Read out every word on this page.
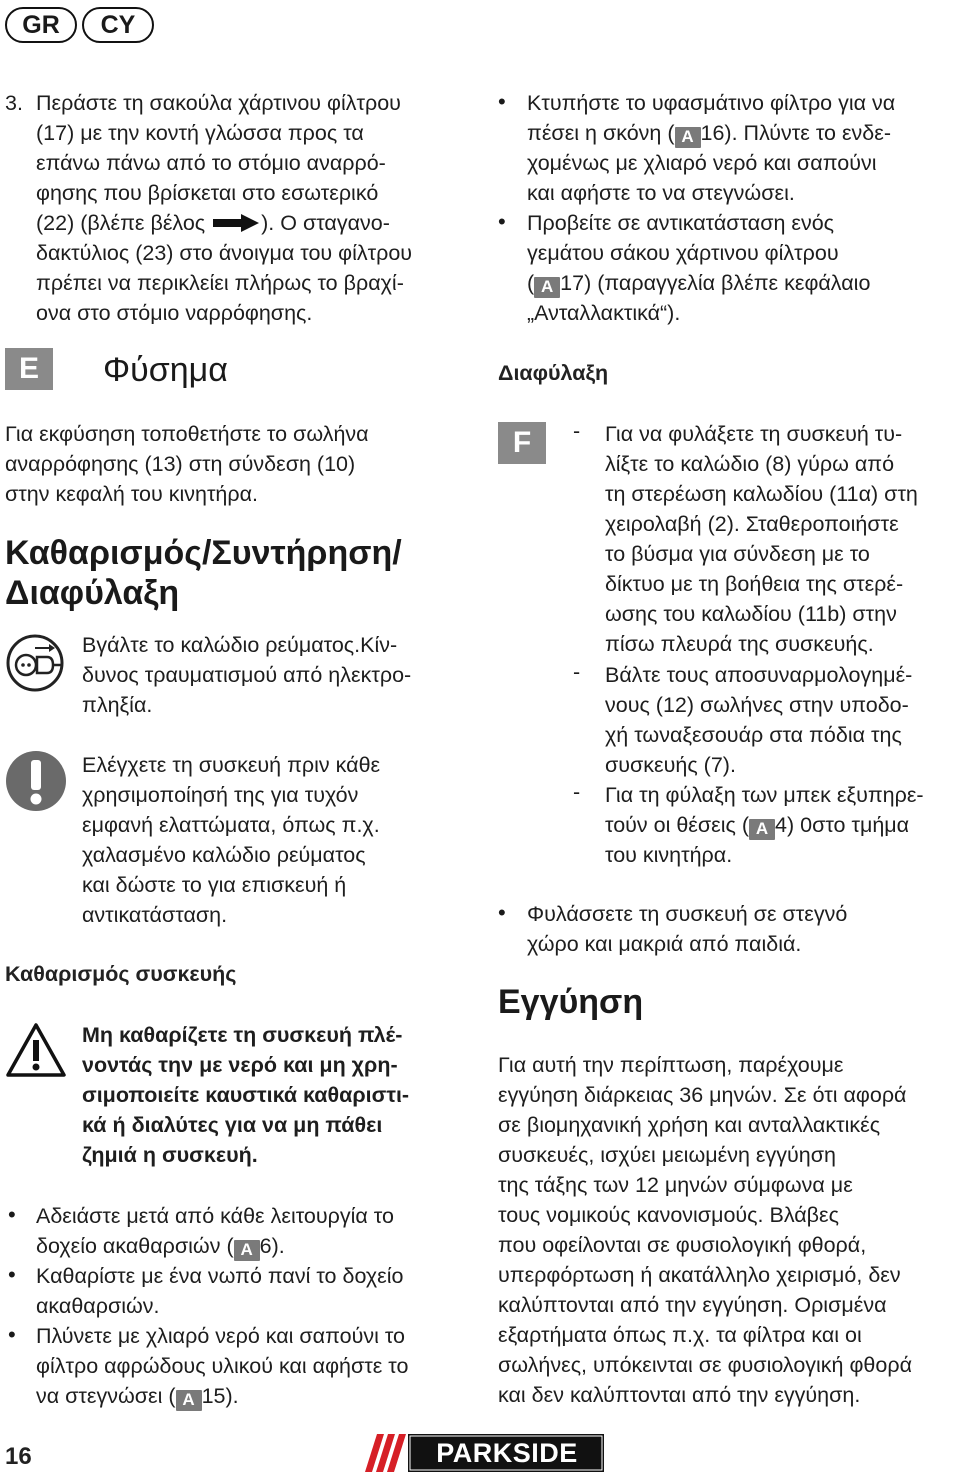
GR	CY
3. Περάστε τη σακούλα χάρτινου φίλτρου
(17) με την κοντή γλώσσα προς τα
επάνω πάνω από το στόμιο αναρρό-
φησης που βρίσκεται στο εσωτερικό
(22) (βλέπε βέλος	). Ο σταγανο-
δακτύλιος (23) στο άνοιγμα του φίλτρου
πρέπει να περικλείει πλήρως το βραχί-
ονα στο στόμιο ναρρόφησης.
E	Φύσημα
Για εκφύσηση τοποθετήστε το σωλήνα
αναρρόφησης (13) στη σύνδεση (10)
στην κεφαλή του κινητήρα.
Καθαρισμός/Συντήρηση/
Διαφύλαξη
Βγάλτε το καλώδιο ρεύματος.Κίν-
δυνος τραυματισμού από ηλεκτρο-
πληξία.
Ελέγχετε τη συσκευή πριν κάθε
χρησιμοποίησή της για τυχόν
εμφανή ελαττώματα, όπως π.χ.
χαλασμένο καλώδιο ρεύματος
και δώστε το για επισκευή ή
αντικατάσταση.
Καθαρισμός συσκευής
Μη καθαρίζετε τη συσκευή πλέ-
νοντάς την με νερό και μη χρη-
σιμοποιείτε καυστικά καθαριστι-
κά ή διαλύτες για να μη πάθει
ζημιά η συσκευή.
• Αδειάστε μετά από κάθε λειτουργία το
δοχείο ακαθαρσιών ( A 6).
• Καθαρίστε με ένα νωπό πανί το δοχείο
ακαθαρσιών.
• Πλύνετε με χλιαρό νερό και σαπούνι το
φίλτρο αφρώδους υλικού και αφήστε το
να στεγνώσει ( A 15).
• Κτυπήστε το υφασμάτινο φίλτρο για να
πέσει η σκόνη ( A 16). Πλύντε το ενδε-
χομένως με χλιαρό νερό και σαπούνι
και αφήστε το να στεγνώσει.
• Προβείτε σε αντικατάσταση ενός
γεμάτου σάκου χάρτινου φίλτρου
( A 17) (παραγγελία βλέπε κεφάλαιο
„Ανταλλακτικά“).
Διαφύλαξη
F	- Για να φυλάξετε τη συσκευή τυ-
λίξτε το καλώδιο (8) γύρω από
τη στερέωση καλωδίου (11α) στη
χειρολαβή (2). Σταθεροποιήστε
το βύσμα για σύνδεση με το
δίκτυο με τη βοήθεια της στερέ-
ωσης του καλωδίου (11b) στην
πίσω πλευρά της συσκευής.
- Βάλτε τους αποσυναρμολογημέ-
νους (12) σωλήνες στην υποδο-
χή τωναξεσουάρ στα πόδια της
συσκευής (7).
- Για τη φύλαξη των μπεκ εξυπηρε-
τούν οι θέσεις ( A 4) 0στο τμήμα
του κινητήρα.
• Φυλάσσετε τη συσκευή σε στεγνό
χώρο και μακριά από παιδιά.
Εγγύηση
Για αυτή την περίπτωση, παρέχουμε
εγγύηση διάρκειας 36 μηνών. Σε ότι αφορά
σε βιομηχανική χρήση και ανταλλακτικές
συσκευές, ισχύει μειωμένη εγγύηση
της τάξης των 12 μηνών σύμφωνα με
τους νομικούς κανονισμούς. Βλάβες
που οφείλονται σε φυσιολογική φθορά,
υπερφόρτωση ή ακατάλληλο χειρισμό, δεν
καλύπτονται από την εγγύηση. Ορισμένα
εξαρτήματα όπως π.χ. τα φίλτρα και οι
σωλήνες, υπόκεινται σε φυσιολογική φθορά
και δεν καλύπτονται από την εγγύηση.
16	PARKSIDE
